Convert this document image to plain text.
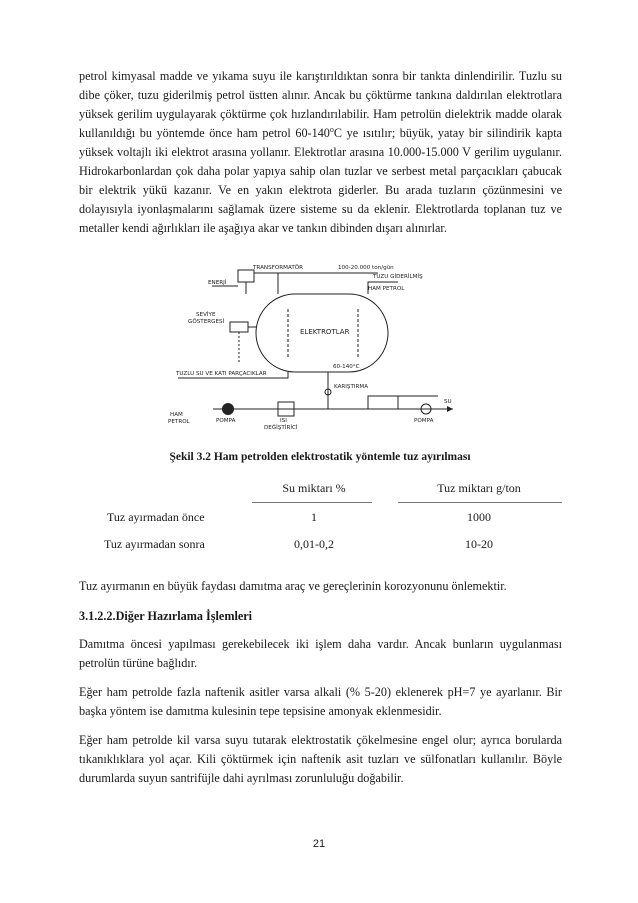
petrol kimyasal madde ve yıkama suyu ile karıştırıldıktan sonra bir tankta dinlendirilir. Tuzlu su dibe çöker, tuzu giderilmiş petrol üstten alınır. Ancak bu çöktürme tankına daldırılan elektrotlara yüksek gerilim uygulayarak çöktürme çok hızlandırılabilir. Ham petrolün dielektrik madde olarak kullanıldığı bu yöntemde önce ham petrol 60-140$^o$C ye ısıtılır; büyük, yatay bir silindirik kapta yüksek voltajlı iki elektrot arasına yollanır. Elektrotlar arasına 10.000-15.000 V gerilim uygulanır. Hidrokarbonlardan çok daha polar yapıya sahip olan tuzlar ve serbest metal parçacıkları çabucak bir elektrik yükü kazanır. Ve en yakın elektrota giderler. Bu arada tuzların çözünmesini ve dolayısıyla iyonlaşmalarını sağlamak üzere sisteme su da eklenir. Elektrotlarda toplanan tuz ve metaller kendi ağırlıkları ile aşağıya akar ve tankın dibinden dışarı alınırlar.

TRANSFORMATÖR	100-20.000 ton/gün
ENERJİ
TUZU GİDERİLMİŞ
HAM PETROL
SEVİYE
GÖSTERGESİ
ELEKTROTLAR
TUZLU SU VE KATI PARÇACIKLAR
60-140°C
KARIŞTIRMA
HAM
PETROL	POMPA	ISI
DEĞİŞTİRİCİ
POMPA
SU
Şekil 3.2 Ham petrolden elektrostatik yöntemle tuz ayırılması
Su miktarı %	Tuz miktarı g/ton
Tuz ayırmadan önce	1	1000
Tuz ayırmadan sonra	0,01-0,2	10-20

Tuz ayırmanın en büyük faydası damıtma araç ve gereçlerinin korozyonunu önlemektir.

3.1.2.2.Diğer Hazırlama İşlemleri

Damıtma öncesi yapılması gerekebilecek iki işlem daha vardır. Ancak bunların uygulanması petrolün türüne bağlıdır.

Eğer ham petrolde fazla naftenik asitler varsa alkali (% 5-20) eklenerek pH=7 ye ayarlanır. Bir başka yöntem ise damıtma kulesinin tepe tepsisine amonyak eklenmesidir.

Eğer ham petrolde kil varsa suyu tutarak elektrostatik çökelmesine engel olur; ayrıca borularda tıkanıklıklara yol açar. Kili çöktürmek için naftenik asit tuzları ve sülfonatları kullanılır. Böyle durumlarda suyun santrifüjle dahi ayrılması zorunluluğu doğabilir.

21
